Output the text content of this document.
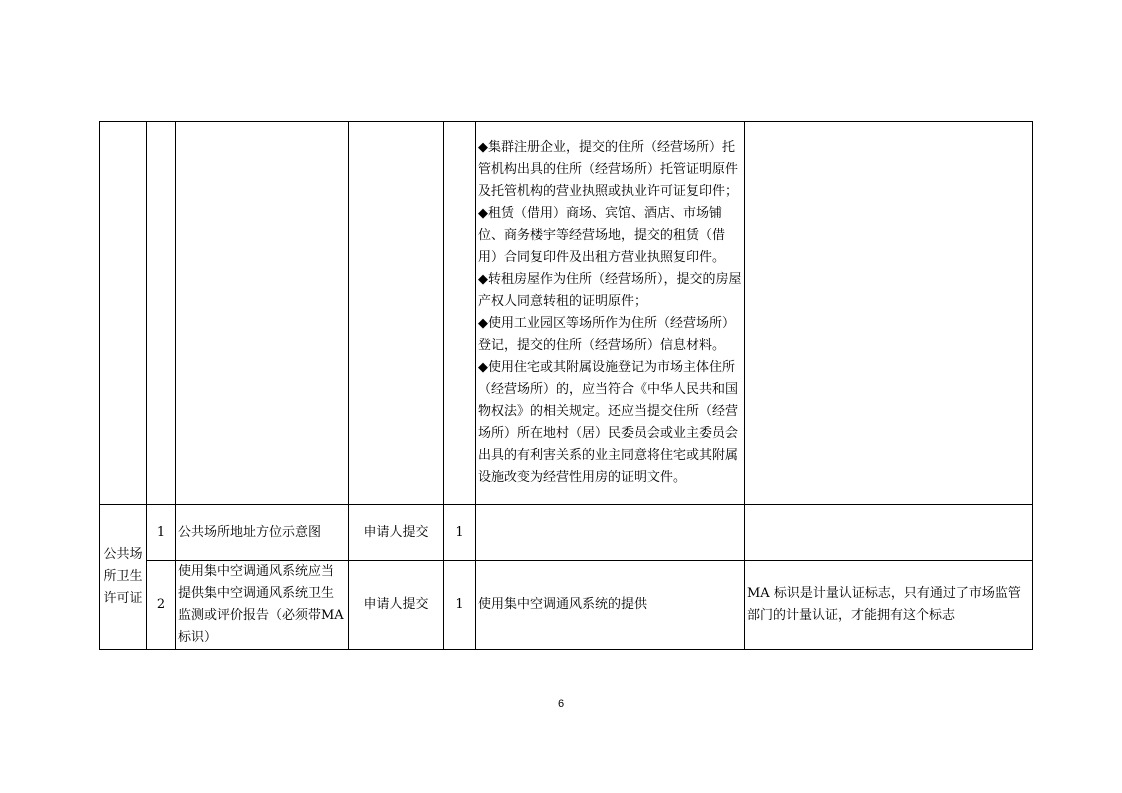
					◆集群注册企业，提交的住所（经营场所）托管机构出具的住所（经营场所）托管证明原件及托管机构的营业执照或执业许可证复印件；
◆租赁（借用）商场、宾馆、酒店、市场铺位、商务楼宇等经营场地，提交的租赁（借用）合同复印件及出租方营业执照复印件。
◆转租房屋作为住所（经营场所），提交的房屋产权人同意转租的证明原件；
◆使用工业园区等场所作为住所（经营场所）登记，提交的住所（经营场所）信息材料。
◆使用住宅或其附属设施登记为市场主体住所（经营场所）的，应当符合《中华人民共和国物权法》的相关规定。还应当提交住所（经营场所）所在地村（居）民委员会或业主委员会出具的有利害关系的业主同意将住宅或其附属设施改变为经营性用房的证明文件。	

公共场所卫生许可证	1	公共场所地址方位示意图	申请人提交	1		
	2	使用集中空调通风系统应当提供集中空调通风系统卫生监测或评价报告（必须带MA标识）	申请人提交	1	使用集中空调通风系统的提供	MA 标识是计量认证标志，只有通过了市场监管部门的计量认证，才能拥有这个标志
6
